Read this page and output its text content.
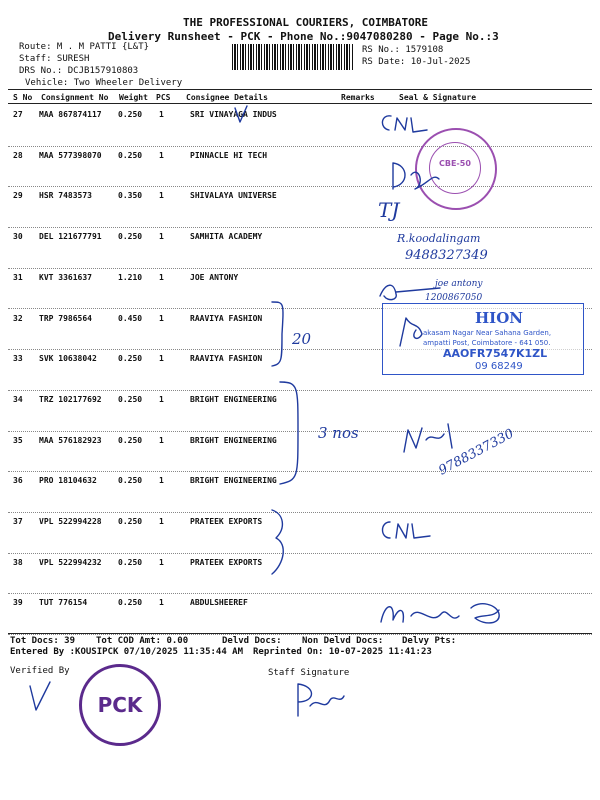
THE PROFESSIONAL COURIERS, COIMBATORE
Delivery Runsheet - PCK - Phone No.:9047080280 - Page No.:3
Route: M . M PATTI {L&T}
Staff: SURESH
DRS No.: DCJB157910803
Vehicle: Two Wheeler Delivery
RS No.: 1579108
RS Date: 10-Jul-2025
S No Consignment No Weight PCS Consignee Details	Remarks	Seal & Signature
27 MAA 867874117 0.250 1	SRI VINAYAGA INDUS
28 MAA 577398070 0.250 1	PINNACLE HI TECH
29 HSR 7483573	0.350 1	SHIVALAYA UNIVERSE
30 DEL 121677791 0.250 1	SAMHITA ACADEMY
31 KVT 3361637	1.210 1	JOE ANTONY
32 TRP 7986564	0.450 1	RAAVIYA FASHION
33 SVK 10638042	0.250 1	RAAVIYA FASHION
34 TRZ 102177692 0.250 1	BRIGHT ENGINEERING
35 MAA 576182923 0.250 1	BRIGHT ENGINEERING
36 PRO 18104632	0.250 1	BRIGHT ENGINEERING
37 VPL 522994228 0.250 1	PRATEEK EXPORTS
38 VPL 522994232 0.250 1	PRATEEK EXPORTS
39 TUT 776154	0.250 1	ABDULSHEEREF
CBE-50
HION
akasam Nagar Near Sahana Garden,
ampatti Post, Coimbatore - 641 050.
AAOFR7547K1ZL
09 68249
TJ
R.koodalingam
9488327349
joe antony
1200867050
20
3 nos	9788337330
Tot Docs: 39 Tot COD Amt: 0.00	Delvd Docs: Non Delvd Docs: Delvy Pts:
Entered By :KOUSIPCK 07/10/2025 11:35:44 AM Reprinted On: 10-07-2025 11:41:23
Verified By	Staff Signature
PCK
